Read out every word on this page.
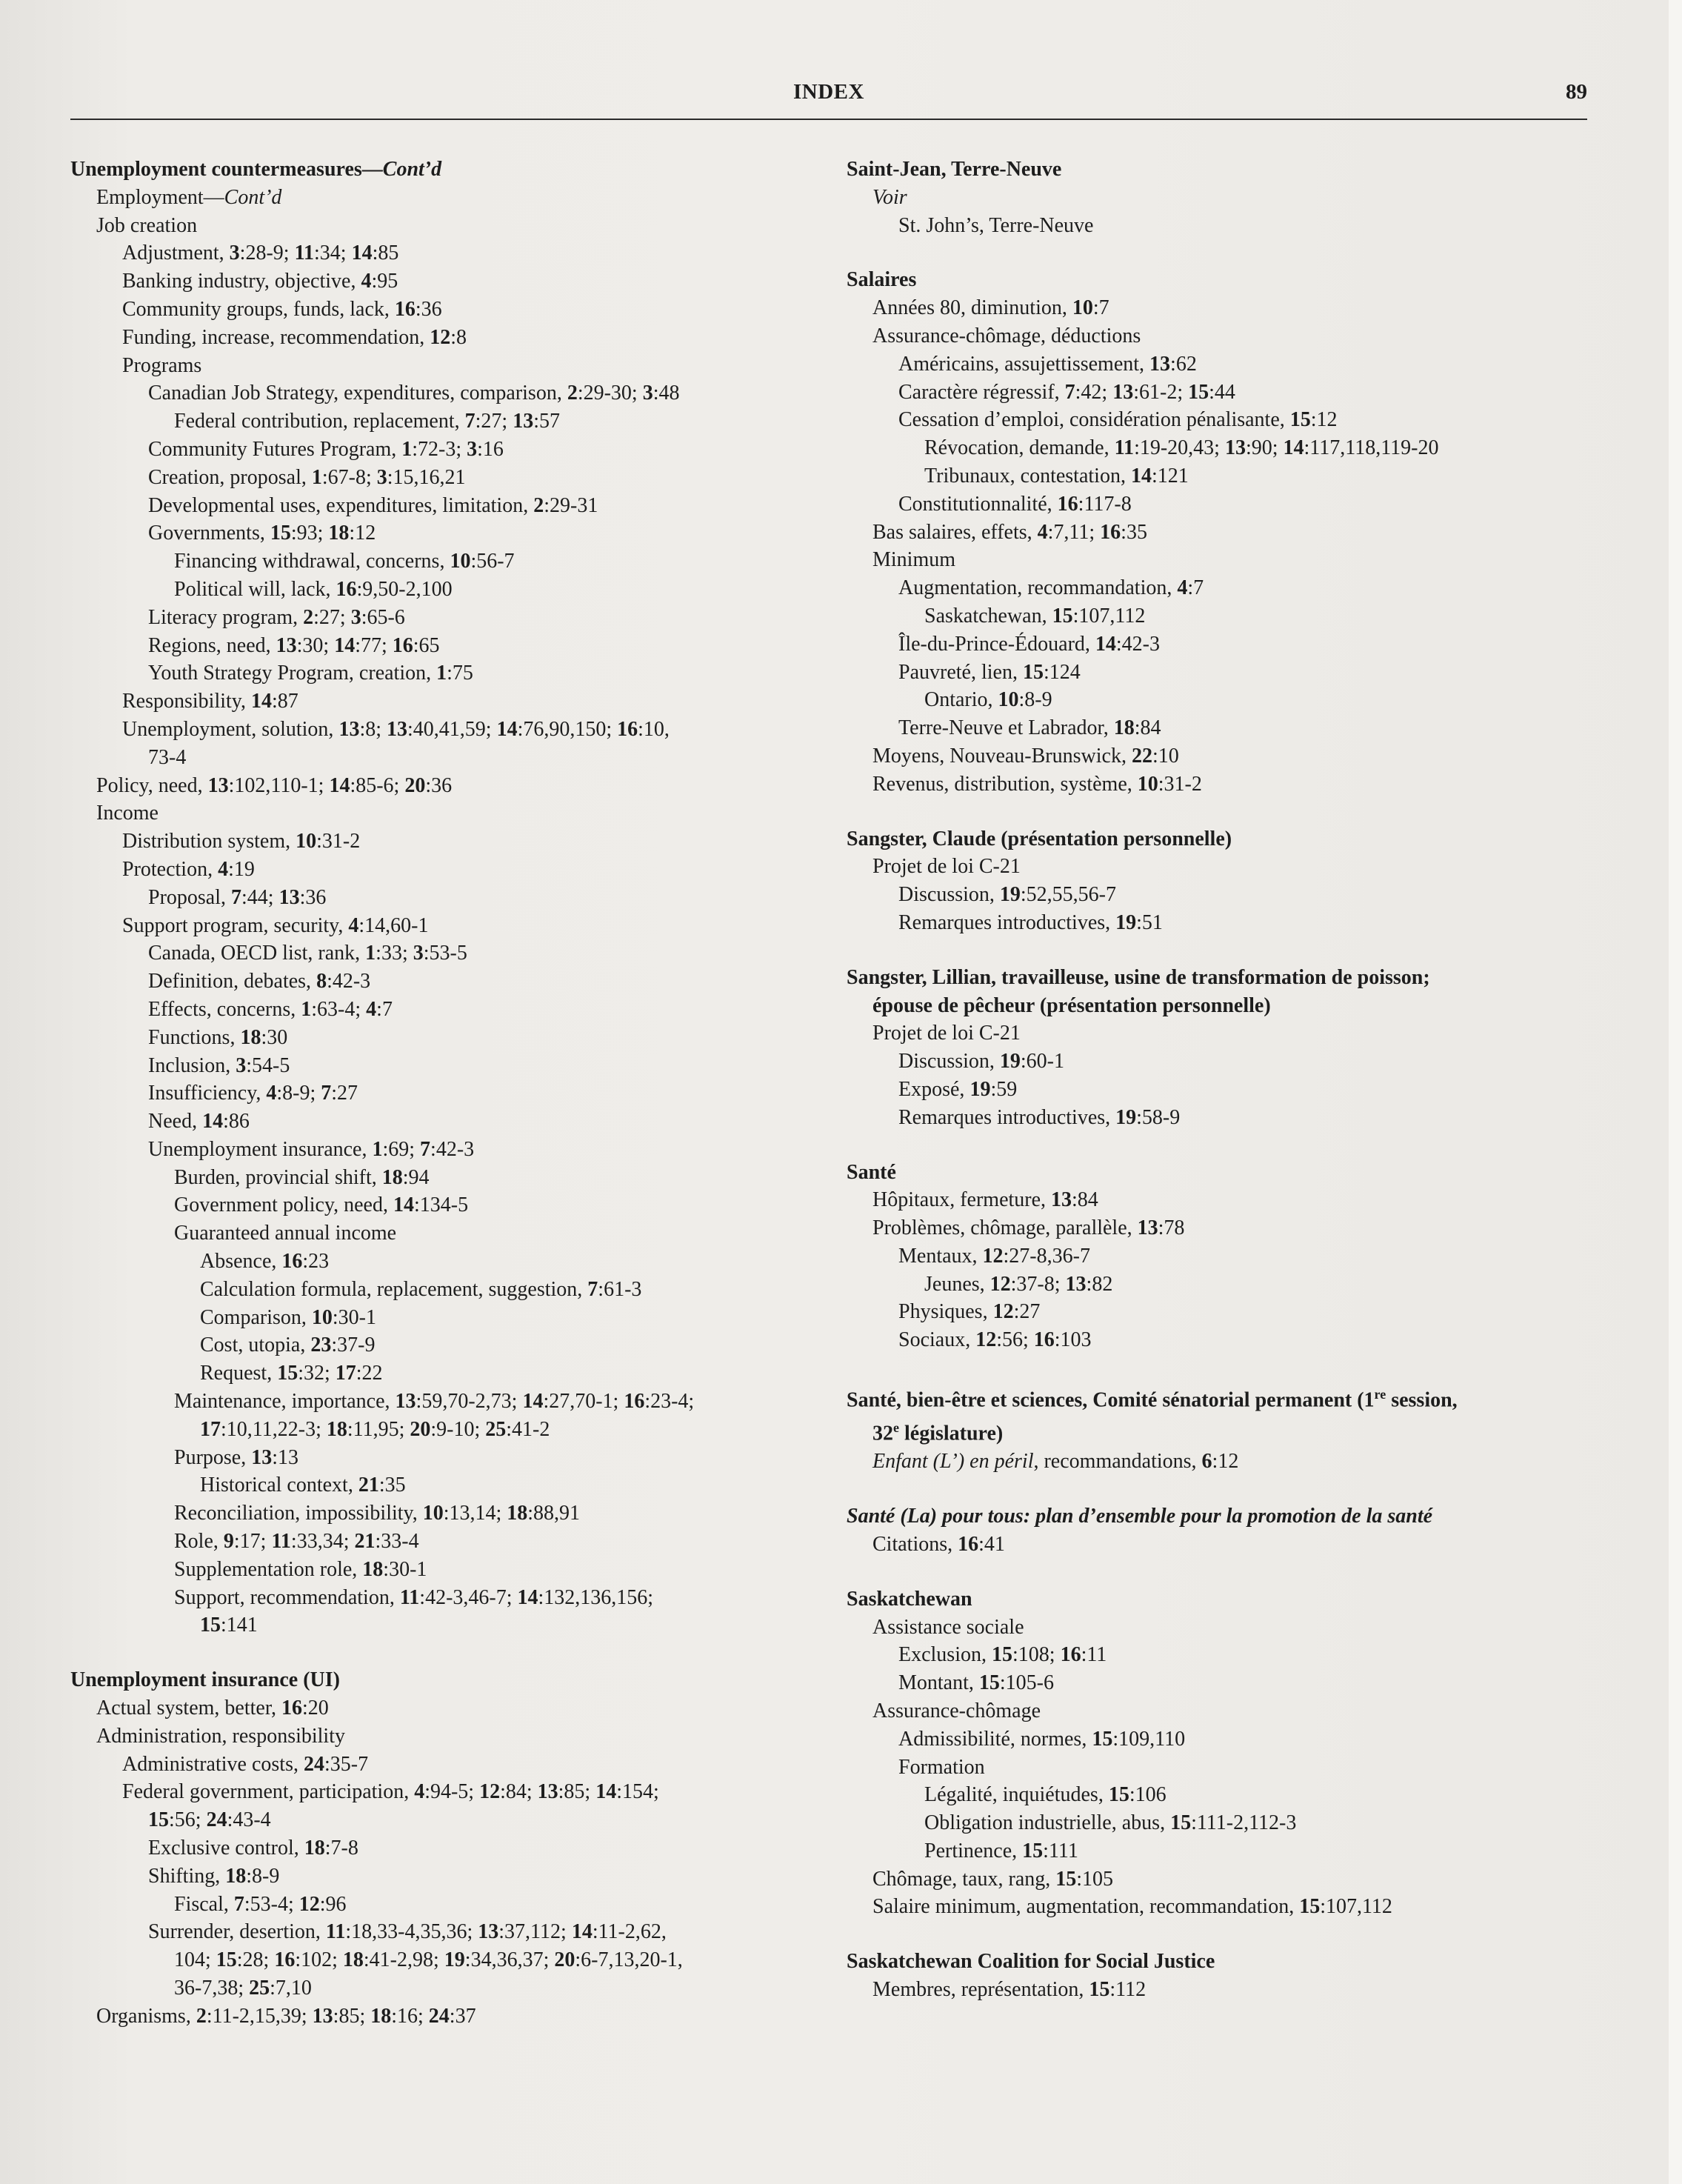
INDEX	89
Unemployment countermeasures—Cont’d
Employment—Cont’d
Job creation
Adjustment, 3:28-9; 11:34; 14:85
Banking industry, objective, 4:95
Community groups, funds, lack, 16:36
Funding, increase, recommendation, 12:8
Programs
Canadian Job Strategy, expenditures, comparison, 2:29-30; 3:48
Federal contribution, replacement, 7:27; 13:57
Community Futures Program, 1:72-3; 3:16
Creation, proposal, 1:67-8; 3:15,16,21
Developmental uses, expenditures, limitation, 2:29-31
Governments, 15:93; 18:12
Financing withdrawal, concerns, 10:56-7
Political will, lack, 16:9,50-2,100
Literacy program, 2:27; 3:65-6
Regions, need, 13:30; 14:77; 16:65
Youth Strategy Program, creation, 1:75
Responsibility, 14:87
Unemployment, solution, 13:8; 13:40,41,59; 14:76,90,150; 16:10,
73-4
Policy, need, 13:102,110-1; 14:85-6; 20:36
Income
Distribution system, 10:31-2
Protection, 4:19
Proposal, 7:44; 13:36
Support program, security, 4:14,60-1
Canada, OECD list, rank, 1:33; 3:53-5
Definition, debates, 8:42-3
Effects, concerns, 1:63-4; 4:7
Functions, 18:30
Inclusion, 3:54-5
Insufficiency, 4:8-9; 7:27
Need, 14:86
Unemployment insurance, 1:69; 7:42-3
Burden, provincial shift, 18:94
Government policy, need, 14:134-5
Guaranteed annual income
Absence, 16:23
Calculation formula, replacement, suggestion, 7:61-3
Comparison, 10:30-1
Cost, utopia, 23:37-9
Request, 15:32; 17:22
Maintenance, importance, 13:59,70-2,73; 14:27,70-1; 16:23-4;
17:10,11,22-3; 18:11,95; 20:9-10; 25:41-2
Purpose, 13:13
Historical context, 21:35
Reconciliation, impossibility, 10:13,14; 18:88,91
Role, 9:17; 11:33,34; 21:33-4
Supplementation role, 18:30-1
Support, recommendation, 11:42-3,46-7; 14:132,136,156;
15:141
Unemployment insurance (UI)
Actual system, better, 16:20
Administration, responsibility
Administrative costs, 24:35-7
Federal government, participation, 4:94-5; 12:84; 13:85; 14:154;
15:56; 24:43-4
Exclusive control, 18:7-8
Shifting, 18:8-9
Fiscal, 7:53-4; 12:96
Surrender, desertion, 11:18,33-4,35,36; 13:37,112; 14:11-2,62,
104; 15:28; 16:102; 18:41-2,98; 19:34,36,37; 20:6-7,13,20-1,
36-7,38; 25:7,10
Organisms, 2:11-2,15,39; 13:85; 18:16; 24:37
Saint-Jean, Terre-Neuve
Voir
St. John’s, Terre-Neuve
Salaires
Années 80, diminution, 10:7
Assurance-chômage, déductions
Américains, assujettissement, 13:62
Caractère régressif, 7:42; 13:61-2; 15:44
Cessation d’emploi, considération pénalisante, 15:12
Révocation, demande, 11:19-20,43; 13:90; 14:117,118,119-20
Tribunaux, contestation, 14:121
Constitutionnalité, 16:117-8
Bas salaires, effets, 4:7,11; 16:35
Minimum
Augmentation, recommandation, 4:7
Saskatchewan, 15:107,112
Île-du-Prince-Édouard, 14:42-3
Pauvreté, lien, 15:124
Ontario, 10:8-9
Terre-Neuve et Labrador, 18:84
Moyens, Nouveau-Brunswick, 22:10
Revenus, distribution, système, 10:31-2
Sangster, Claude (présentation personnelle)
Projet de loi C-21
Discussion, 19:52,55,56-7
Remarques introductives, 19:51
Sangster, Lillian, travailleuse, usine de transformation de poisson;
épouse de pêcheur (présentation personnelle)
Projet de loi C-21
Discussion, 19:60-1
Exposé, 19:59
Remarques introductives, 19:58-9
Santé
Hôpitaux, fermeture, 13:84
Problèmes, chômage, parallèle, 13:78
Mentaux, 12:27-8,36-7
Jeunes, 12:37-8; 13:82
Physiques, 12:27
Sociaux, 12:56; 16:103
Santé, bien-être et sciences, Comité sénatorial permanent (1re session,
32e législature)
Enfant (L’) en péril, recommandations, 6:12
Santé (La) pour tous: plan d’ensemble pour la promotion de la santé
Citations, 16:41
Saskatchewan
Assistance sociale
Exclusion, 15:108; 16:11
Montant, 15:105-6
Assurance-chômage
Admissibilité, normes, 15:109,110
Formation
Légalité, inquiétudes, 15:106
Obligation industrielle, abus, 15:111-2,112-3
Pertinence, 15:111
Chômage, taux, rang, 15:105
Salaire minimum, augmentation, recommandation, 15:107,112
Saskatchewan Coalition for Social Justice
Membres, représentation, 15:112
